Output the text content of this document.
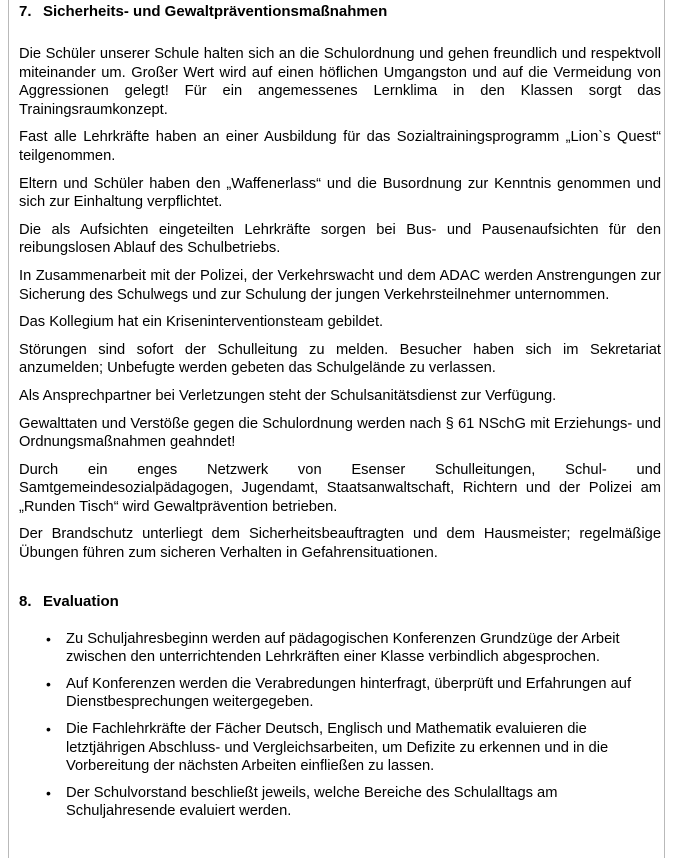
7. Sicherheits- und Gewaltpräventionsmaßnahmen

Die Schüler unserer Schule halten sich an die Schulordnung und gehen freundlich und respektvoll miteinander um. Großer Wert wird auf einen höflichen Umgangston und auf die Vermeidung von Aggressionen gelegt! Für ein angemessenes Lernklima in den Klassen sorgt das Trainingsraumkonzept.

Fast alle Lehrkräfte haben an einer Ausbildung für das Sozialtrainingsprogramm „Lion`s Quest“ teilgenommen.

Eltern und Schüler haben den „Waffenerlass“ und die Busordnung zur Kenntnis genommen und sich zur Einhaltung verpflichtet.

Die als Aufsichten eingeteilten Lehrkräfte sorgen bei Bus- und Pausenaufsichten für den reibungslosen Ablauf des Schulbetriebs.

In Zusammenarbeit mit der Polizei, der Verkehrswacht und dem ADAC werden Anstrengungen zur Sicherung des Schulwegs und zur Schulung der jungen Verkehrsteilnehmer unternommen.

Das Kollegium hat ein Kriseninterventionsteam gebildet.

Störungen sind sofort der Schulleitung zu melden. Besucher haben sich im Sekretariat anzumelden; Unbefugte werden gebeten das Schulgelände zu verlassen.

Als Ansprechpartner bei Verletzungen steht der Schulsanitätsdienst zur Verfügung.

Gewalttaten und Verstöße gegen die Schulordnung werden nach § 61 NSchG mit Erziehungs- und Ordnungsmaßnahmen geahndet!

Durch ein enges Netzwerk von Esenser Schulleitungen, Schul- und Samtgemeindesozialpädagogen, Jugendamt, Staatsanwaltschaft, Richtern und der Polizei am „Runden Tisch“ wird Gewaltprävention betrieben.

Der Brandschutz unterliegt dem Sicherheitsbeauftragten und dem Hausmeister; regelmäßige Übungen führen zum sicheren Verhalten in Gefahrensituationen.

8. Evaluation
• Zu Schuljahresbeginn werden auf pädagogischen Konferenzen Grundzüge der Arbeit zwischen den unterrichtenden Lehrkräften einer Klasse verbindlich abgesprochen.
• Auf Konferenzen werden die Verabredungen hinterfragt, überprüft und Erfahrungen auf Dienstbesprechungen weitergegeben.
• Die Fachlehrkräfte der Fächer Deutsch, Englisch und Mathematik evaluieren die letztjährigen Abschluss- und Vergleichsarbeiten, um Defizite zu erkennen und in die Vorbereitung der nächsten Arbeiten einfließen zu lassen.
• Der Schulvorstand beschließt jeweils, welche Bereiche des Schulalltags am Schuljahresende evaluiert werden.
